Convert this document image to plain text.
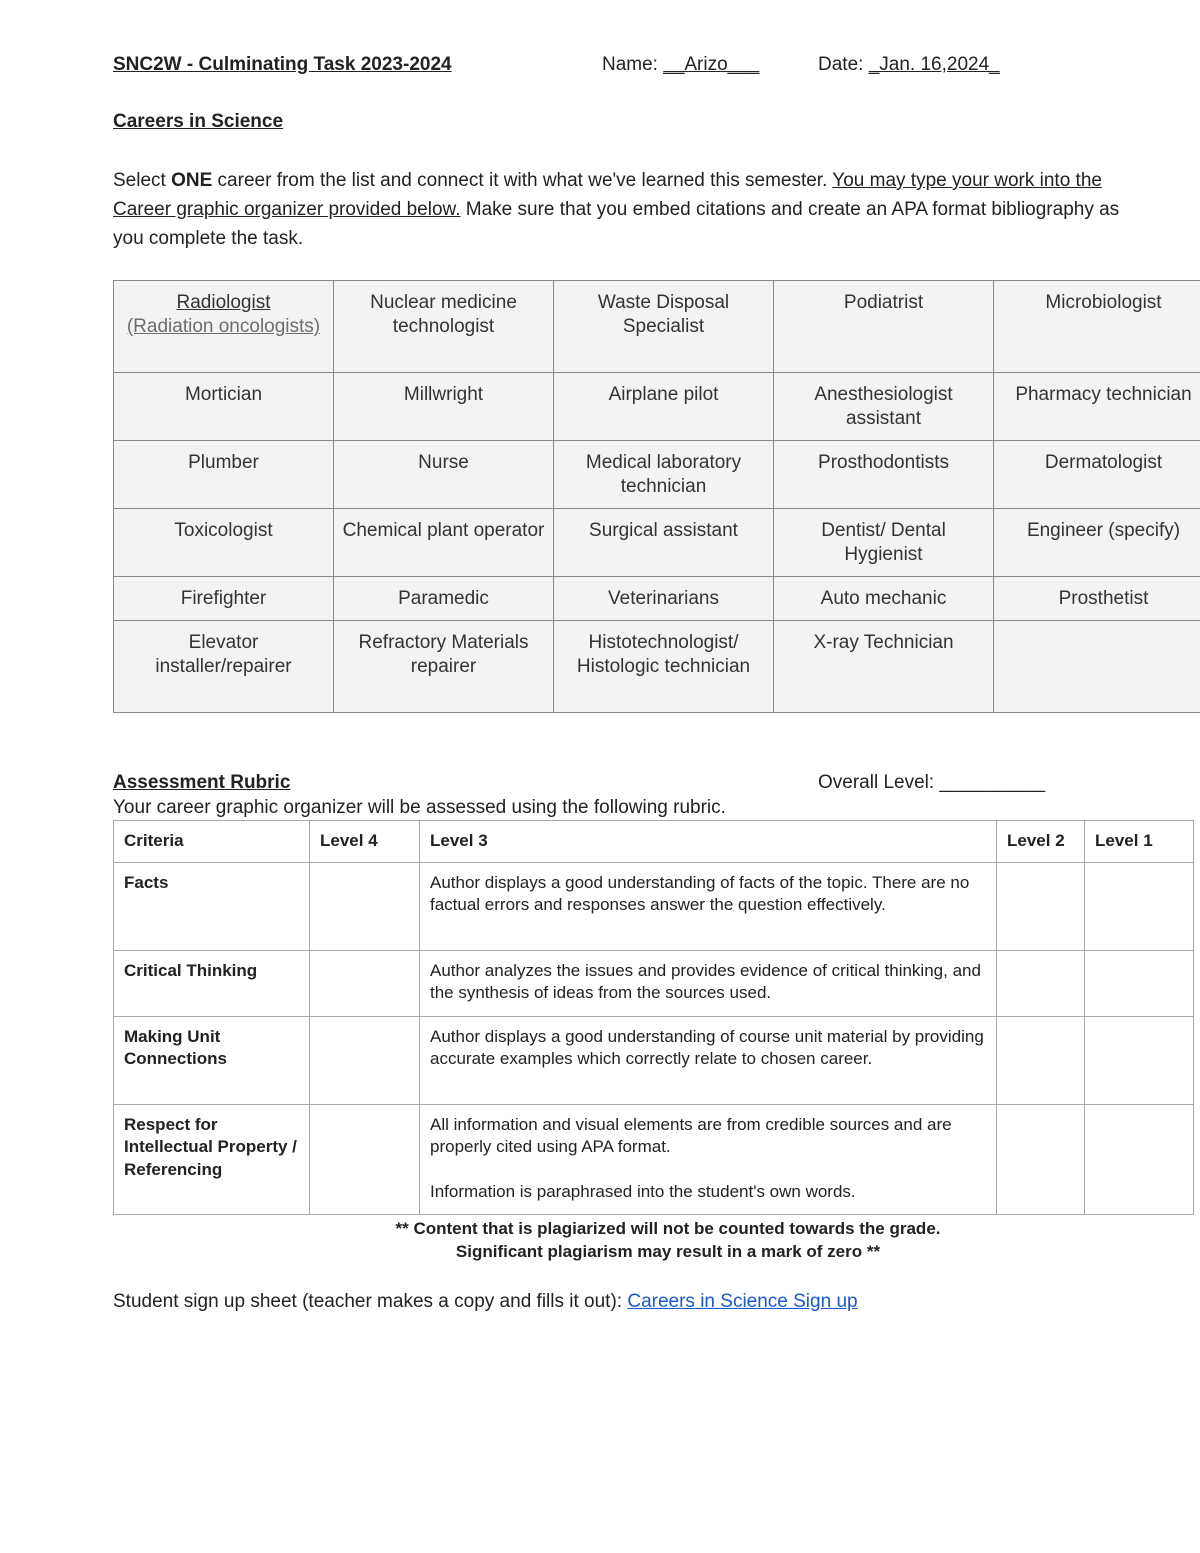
SNC2W - Culminating Task 2023-2024	Name: __Arizo___	Date: _Jan. 16,2024_
Careers in Science
Select ONE career from the list and connect it with what we've learned this semester. You may type your work into the Career graphic organizer provided below. Make sure that you embed citations and create an APA format bibliography as you complete the task.
Radiologist
(Radiation oncologists)	Nuclear medicine technologist	Waste Disposal Specialist	Podiatrist	Microbiologist
Mortician	Millwright	Airplane pilot	Anesthesiologist assistant	Pharmacy technician
Plumber	Nurse	Medical laboratory technician	Prosthodontists	Dermatologist
Toxicologist	Chemical plant operator	Surgical assistant	Dentist/ Dental Hygienist	Engineer (specify)
Firefighter	Paramedic	Veterinarians	Auto mechanic	Prosthetist
Elevator installer/repairer	Refractory Materials repairer	Histotechnologist/ Histologic technician	X-ray Technician	
Assessment Rubric	Overall Level: __________
Your career graphic organizer will be assessed using the following rubric.
Criteria	Level 4	Level 3	Level 2	Level 1
Facts		Author displays a good understanding of facts of the topic. There are no factual errors and responses answer the question effectively.		
Critical Thinking		Author analyzes the issues and provides evidence of critical thinking, and the synthesis of ideas from the sources used.		
Making Unit Connections		Author displays a good understanding of course unit material by providing accurate examples which correctly relate to chosen career.		
Respect for Intellectual Property / Referencing		All information and visual elements are from credible sources and are properly cited using APA format.
Information is paraphrased into the student's own words.		

** Content that is plagiarized will not be counted towards the grade.
Significant plagiarism may result in a mark of zero **
Student sign up sheet (teacher makes a copy and fills it out): Careers in Science Sign up
